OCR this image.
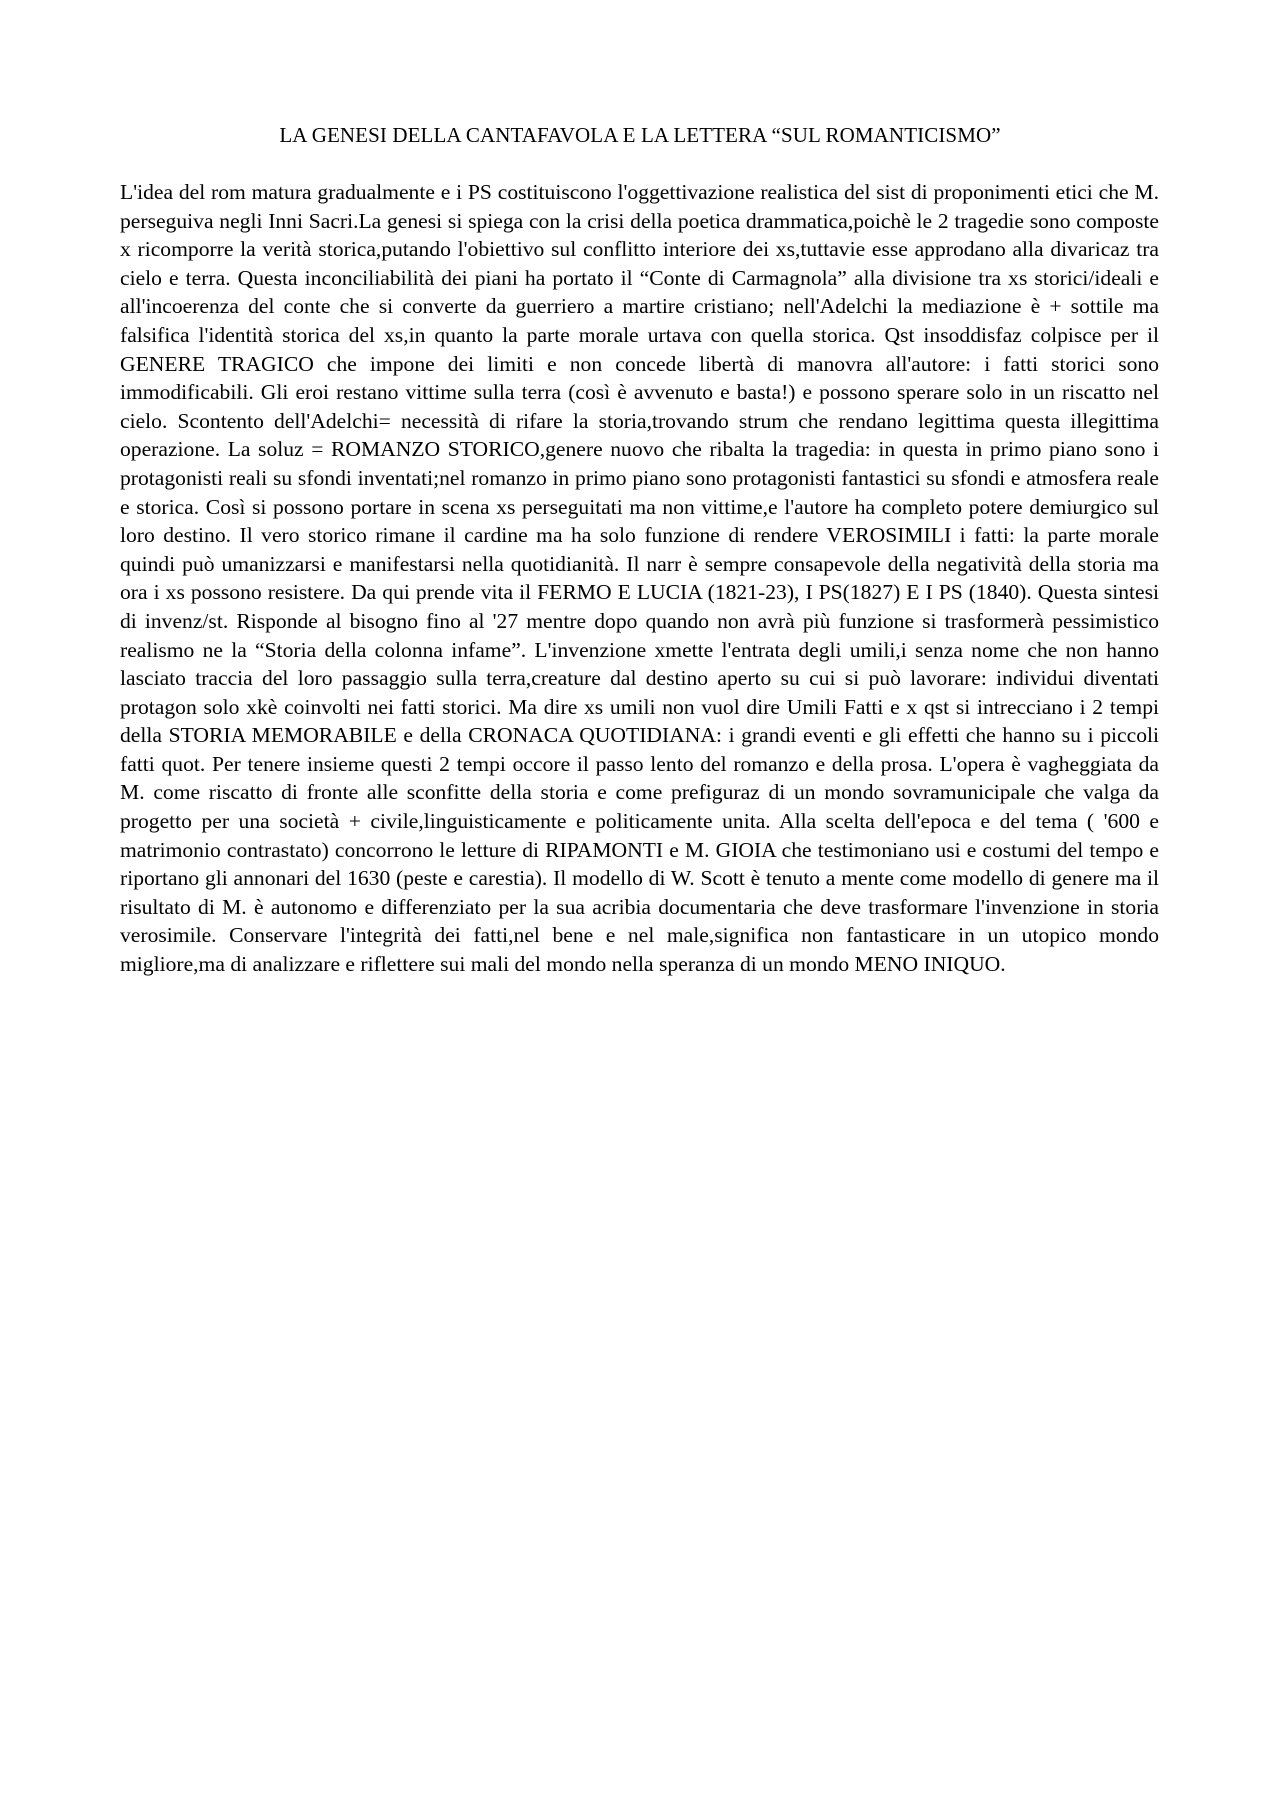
LA GENESI DELLA CANTAFAVOLA E LA LETTERA “SUL ROMANTICISMO”

L'idea del rom matura gradualmente e i PS costituiscono l'oggettivazione realistica del sist di proponimenti etici che M. perseguiva negli Inni Sacri.La genesi si spiega con la crisi della poetica drammatica,poichè le 2 tragedie sono composte x ricomporre la verità storica,putando l'obiettivo sul conflitto interiore dei xs,tuttavie esse approdano alla divaricaz tra cielo e terra. Questa inconciliabilità dei piani ha portato il “Conte di Carmagnola” alla divisione tra xs storici/ideali e all'incoerenza del conte che si converte da guerriero a martire cristiano; nell'Adelchi la mediazione è + sottile ma falsifica l'identità storica del xs,in quanto la parte morale urtava con quella storica. Qst insoddisfaz colpisce per il GENERE TRAGICO che impone dei limiti e non concede libertà di manovra all'autore: i fatti storici sono immodificabili. Gli eroi restano vittime sulla terra (così è avvenuto e basta!) e possono sperare solo in un riscatto nel cielo. Scontento dell'Adelchi= necessità di rifare la storia,trovando strum che rendano legittima questa illegittima operazione. La soluz = ROMANZO STORICO,genere nuovo che ribalta la tragedia: in questa in primo piano sono i protagonisti reali su sfondi inventati;nel romanzo in primo piano sono protagonisti fantastici su sfondi e atmosfera reale e storica. Così si possono portare in scena xs perseguitati ma non vittime,e l'autore ha completo potere demiurgico sul loro destino. Il vero storico rimane il cardine ma ha solo funzione di rendere VEROSIMILI i fatti: la parte morale quindi può umanizzarsi e manifestarsi nella quotidianità. Il narr è sempre consapevole della negatività della storia ma ora i xs possono resistere. Da qui prende vita il FERMO E LUCIA (1821-23), I PS(1827) E I PS (1840). Questa sintesi di invenz/st. Risponde al bisogno fino al '27 mentre dopo quando non avrà più funzione si trasformerà pessimistico realismo ne la “Storia della colonna infame”. L'invenzione xmette l'entrata degli umili,i senza nome che non hanno lasciato traccia del loro passaggio sulla terra,creature dal destino aperto su cui si può lavorare: individui diventati protagon solo xkè coinvolti nei fatti storici. Ma dire xs umili non vuol dire Umili Fatti e x qst si intrecciano i 2 tempi della STORIA MEMORABILE e della CRONACA QUOTIDIANA: i grandi eventi e gli effetti che hanno su i piccoli fatti quot. Per tenere insieme questi 2 tempi occore il passo lento del romanzo e della prosa. L'opera è vagheggiata da M. come riscatto di fronte alle sconfitte della storia e come prefiguraz di un mondo sovramunicipale che valga da progetto per una società + civile,linguisticamente e politicamente unita. Alla scelta dell'epoca e del tema ( '600 e matrimonio contrastato) concorrono le letture di RIPAMONTI e M. GIOIA che testimoniano usi e costumi del tempo e riportano gli annonari del 1630 (peste e carestia). Il modello di W. Scott è tenuto a mente come modello di genere ma il risultato di M. è autonomo e differenziato per la sua acribia documentaria che deve trasformare l'invenzione in storia verosimile. Conservare l'integrità dei fatti,nel bene e nel male,significa non fantasticare in un utopico mondo migliore,ma di analizzare e riflettere sui mali del mondo nella speranza di un mondo MENO INIQUO.
